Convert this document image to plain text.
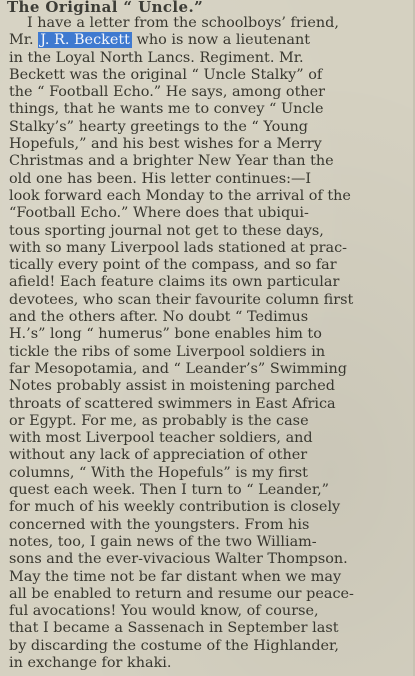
The Original “ Uncle.”
I have a letter from the schoolboys’ friend,
Mr. J. R. Beckett who is now a lieutenant
in the Loyal North Lancs. Regiment. Mr.
Beckett was the original “ Uncle Stalky” of
the “ Football Echo.” He says, among other
things, that he wants me to convey “ Uncle
Stalky’s” hearty greetings to the “ Young
Hopefuls,” and his best wishes for a Merry
Christmas and a brighter New Year than the
old one has been. His letter continues:—I
look forward each Monday to the arrival of the
“Football Echo.” Where does that ubiqui-
tous sporting journal not get to these days,
with so many Liverpool lads stationed at prac-
tically every point of the compass, and so far
afield! Each feature claims its own particular
devotees, who scan their favourite column first
and the others after. No doubt “ Tedimus
H.’s” long “ humerus” bone enables him to
tickle the ribs of some Liverpool soldiers in
far Mesopotamia, and “ Leander’s” Swimming
Notes probably assist in moistening parched
throats of scattered swimmers in East Africa
or Egypt. For me, as probably is the case
with most Liverpool teacher soldiers, and
without any lack of appreciation of other
columns, “ With the Hopefuls” is my first
quest each week. Then I turn to “ Leander,”
for much of his weekly contribution is closely
concerned with the youngsters. From his
notes, too, I gain news of the two William-
sons and the ever-vivacious Walter Thompson.
May the time not be far distant when we may
all be enabled to return and resume our peace-
ful avocations! You would know, of course,
that I became a Sassenach in September last
by discarding the costume of the Highlander,
in exchange for khaki.
